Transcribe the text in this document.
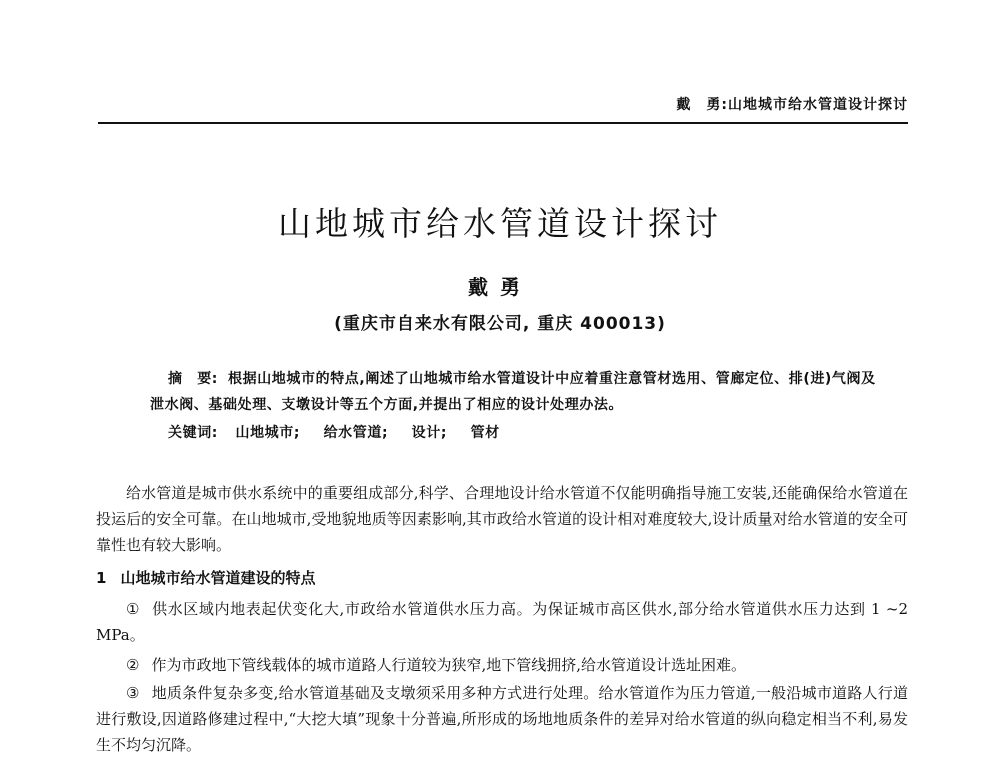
戴　勇:山地城市给水管道设计探讨
山地城市给水管道设计探讨
戴勇
(重庆市自来水有限公司, 重庆 400013)
摘　要: 根据山地城市的特点,阐述了山地城市给水管道设计中应着重注意管材选用、管廊定位、排(进)气阀及泄水阀、基础处理、支墩设计等五个方面,并提出了相应的设计处理办法。
关键词: 山地城市; 给水管道; 设计; 管材

给水管道是城市供水系统中的重要组成部分,科学、合理地设计给水管道不仅能明确指导施工安装,还能确保给水管道在投运后的安全可靠。在山地城市,受地貌地质等因素影响,其市政给水管道的设计相对难度较大,设计质量对给水管道的安全可靠性也有较大影响。

1 山地城市给水管道建设的特点

① 供水区域内地表起伏变化大,市政给水管道供水压力高。为保证城市高区供水,部分给水管道供水压力达到 1 ~2 MPa。

② 作为市政地下管线载体的城市道路人行道较为狭窄,地下管线拥挤,给水管道设计选址困难。

③ 地质条件复杂多变,给水管道基础及支墩须采用多种方式进行处理。给水管道作为压力管道,一般沿城市道路人行道进行敷设,因道路修建过程中,“大挖大填”现象十分普遍,所形成的场地地质条件的差异对给水管道的纵向稳定相当不利,易发生不均匀沉降。
